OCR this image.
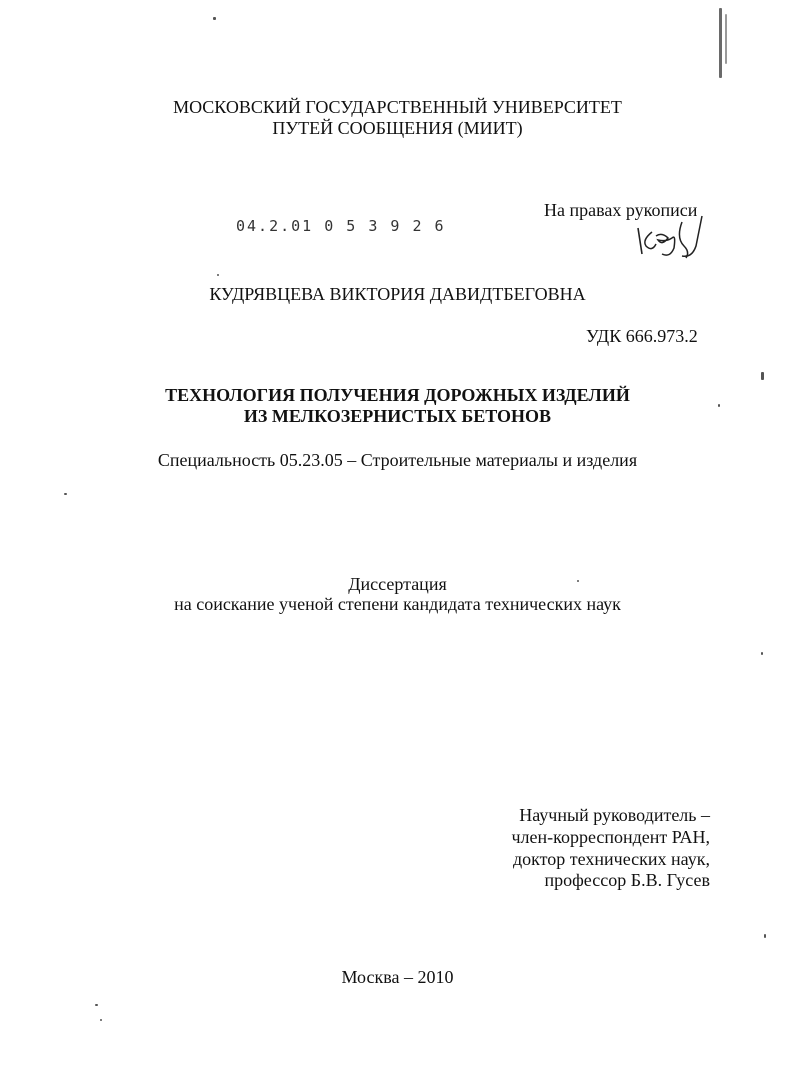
МОСКОВСКИЙ ГОСУДАРСТВЕННЫЙ УНИВЕРСИТЕТ
ПУТЕЙ СООБЩЕНИЯ (МИИТ)
04.2.01 0 5 3 9 2 6
На правах рукописи
КУДРЯВЦЕВА ВИКТОРИЯ ДАВИДТБЕГОВНА
УДК 666.973.2
ТЕХНОЛОГИЯ ПОЛУЧЕНИЯ ДОРОЖНЫХ ИЗДЕЛИЙ
ИЗ МЕЛКОЗЕРНИСТЫХ БЕТОНОВ
Специальность 05.23.05 – Строительные материалы и изделия
Диссертация
на соискание ученой степени кандидата технических наук
Научный руководитель –
член-корреспондент РАН,
доктор технических наук,
профессор Б.В. Гусев
Москва – 2010
